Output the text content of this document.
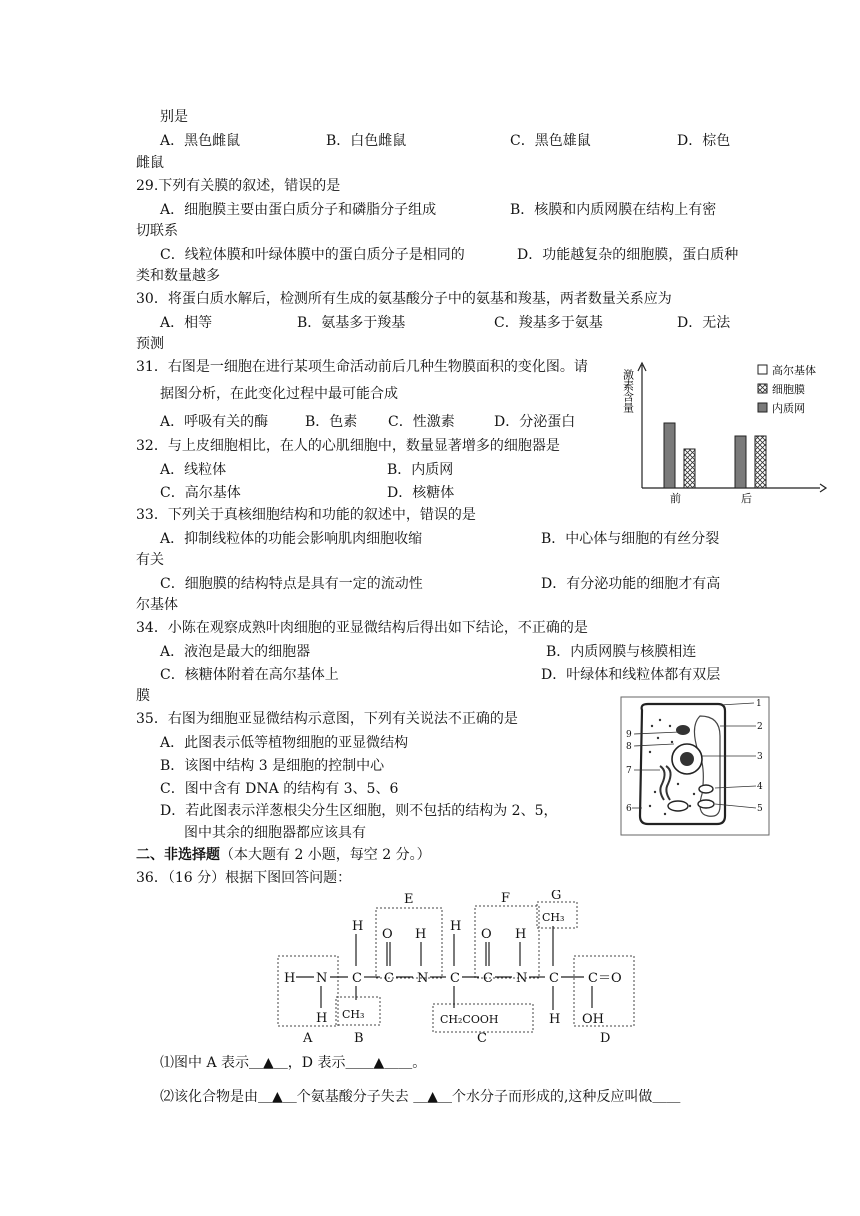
别是
A．黑色雌鼠	B．白色雌鼠	C．黑色雄鼠	D．棕色
雌鼠
29.下列有关膜的叙述，错误的是
A．细胞膜主要由蛋白质分子和磷脂分子组成	B．核膜和内质网膜在结构上有密
切联系
C．线粒体膜和叶绿体膜中的蛋白质分子是相同的	D．功能越复杂的细胞膜，蛋白质种
类和数量越多
30．将蛋白质水解后，检测所有生成的氨基酸分子中的氨基和羧基，两者数量关系应为
A．相等	B．氨基多于羧基	C．羧基多于氨基	D．无法
预测
31．右图是一细胞在进行某项生命活动前后几种生物膜面积的变化图。请
据图分析，在此变化过程中最可能合成
A．呼吸有关的酶	B．色素 C．性激素	D．分泌蛋白
32．与上皮细胞相比，在人的心肌细胞中，数量显著增多的细胞器是
A．线粒体	B．内质网
C．高尔基体	D．核糖体
33．下列关于真核细胞结构和功能的叙述中，错误的是
A．抑制线粒体的功能会影响肌肉细胞收缩	B．中心体与细胞的有丝分裂
有关
C．细胞膜的结构特点是具有一定的流动性	D．有分泌功能的细胞才有高
尔基体
34．小陈在观察成熟叶肉细胞的亚显微结构后得出如下结论，不正确的是
A．液泡是最大的细胞器	B．内质网膜与核膜相连
C．核糖体附着在高尔基体上	D．叶绿体和线粒体都有双层
膜
35．右图为细胞亚显微结构示意图，下列有关说法不正确的是
A．此图表示低等植物细胞的亚显微结构
B．该图中结构 3 是细胞的控制中心
C．图中含有 DNA 的结构有 3、5、6
D．若此图表示洋葱根尖分生区细胞，则不包括的结构为 2、5，
图中其余的细胞器都应该具有
二、非选择题（本大题有 2 小题，每空 2 分。）
36．（16 分）根据下图回答问题：
⑴图中 A 表示＿▲＿，D 表示＿＿▲＿＿。
⑵该化合物是由＿▲＿个氨基酸分子失去 ＿▲＿个水分子而形成的,这种反应叫做＿＿
激素含量
前	后
高尔基体
细胞膜
内质网
1
2
3
4
5
6
7
8
9
E	F	G
A	B	C	D
H N C C N C C N C C＝O
H
O H
H
O H
CH₃
H CH₃	CH₂COOH	H OH
